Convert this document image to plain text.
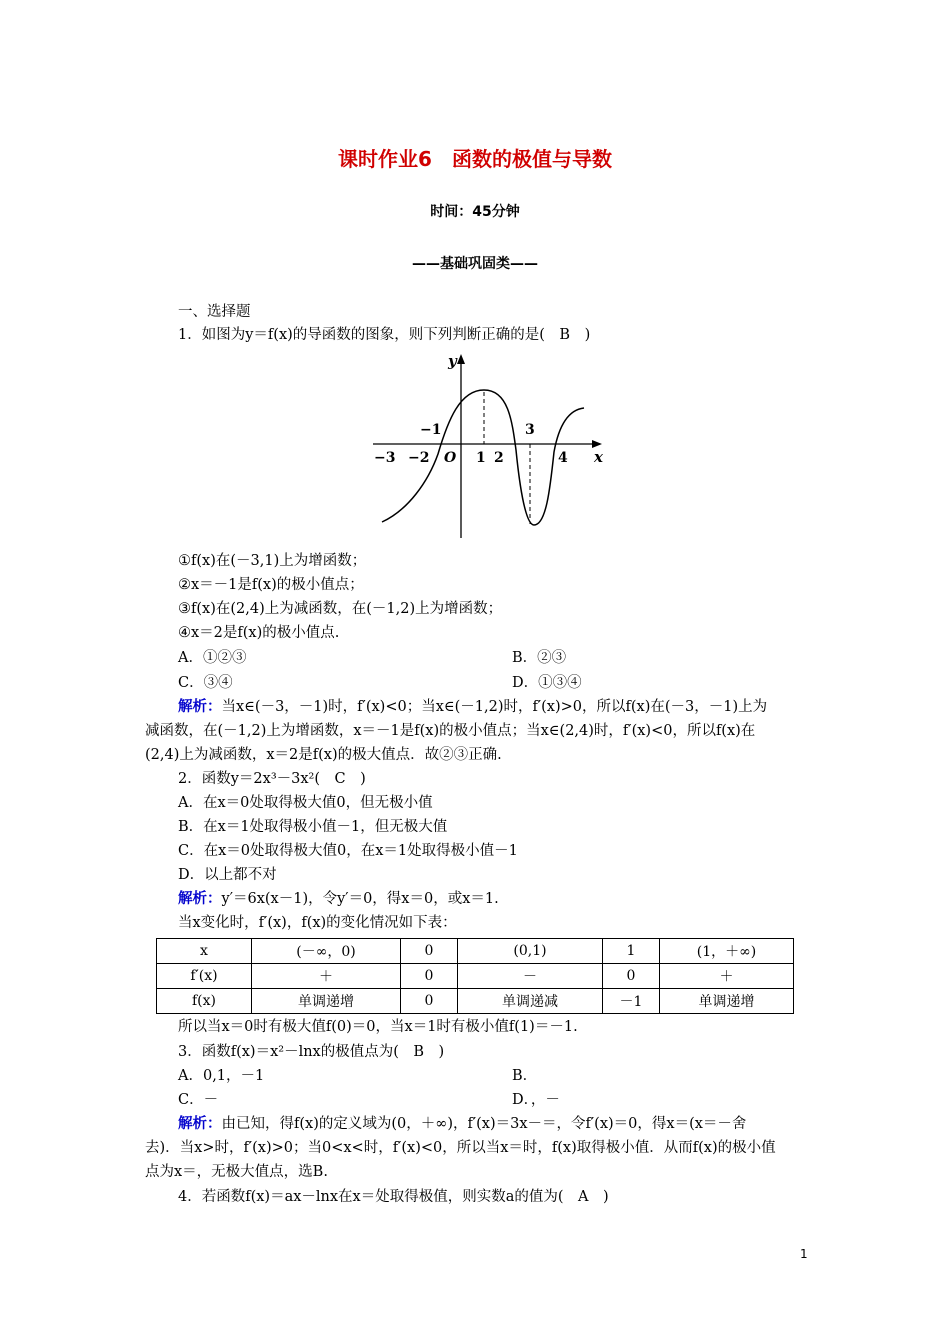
课时作业6　函数的极值与导数
时间：45分钟
——基础巩固类——
一、选择题
1．如图为y＝f(x)的导函数的图象，则下列判断正确的是(　B　)
y
x
O
−3 −2	1 2	4
−1	3
①f(x)在(－3,1)上为增函数；
②x＝－1是f(x)的极小值点；
③f(x)在(2,4)上为减函数，在(－1,2)上为增函数；
④x＝2是f(x)的极小值点.
A．①②③	B．②③
C．③④	D．①③④
解析：当x∈(－3，－1)时，f′(x)<0；当x∈(－1,2)时，f′(x)>0，所以f(x)在(－3，－1)上为
减函数，在(－1,2)上为增函数，x＝－1是f(x)的极小值点；当x∈(2,4)时，f′(x)<0，所以f(x)在
(2,4)上为减函数，x＝2是f(x)的极大值点．故②③正确.
2．函数y＝2x³－3x²(　C　)
A．在x＝0处取得极大值0，但无极小值
B．在x＝1处取得极小值－1，但无极大值
C．在x＝0处取得极大值0，在x＝1处取得极小值－1
D．以上都不对
解析：y′＝6x(x－1)，令y′＝0，得x＝0，或x＝1.
当x变化时，f′(x)，f(x)的变化情况如下表：
x	(－∞，0)	0	(0,1)	1	(1，＋∞)
f′(x)	＋	0	－	0	＋
f(x)	单调递增	0	单调递减	－1	单调递增
所以当x＝0时有极大值f(0)＝0，当x＝1时有极小值f(1)＝－1.
3．函数f(x)＝x²－lnx的极值点为(　B　)
A．0,1，－1	B．
C．－	D．，－
解析：由已知，得f(x)的定义域为(0，＋∞)，f′(x)＝3x－＝，令f′(x)＝0，得x＝(x＝－舍
去)．当x>时，f′(x)>0；当0<x<时，f′(x)<0，所以当x＝时，f(x)取得极小值．从而f(x)的极小值
点为x＝，无极大值点，选B.
4．若函数f(x)＝ax－lnx在x＝处取得极值，则实数a的值为(　A　)
1
